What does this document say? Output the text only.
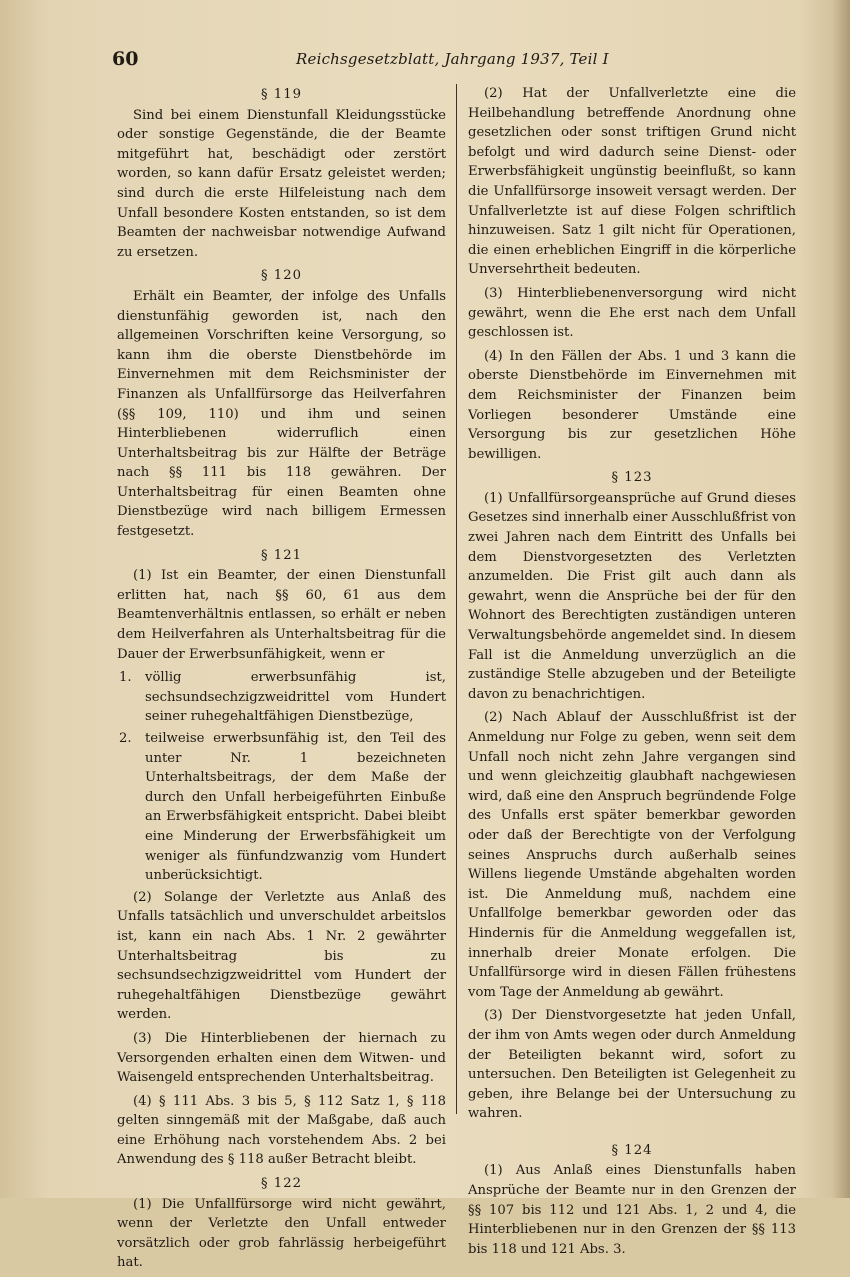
60	Reichsgesetzblatt, Jahrgang 1937, Teil I
§ 119

Sind bei einem Dienstunfall Kleidungsstücke oder sonstige Gegenstände, die der Beamte mitgeführt hat, beschädigt oder zerstört worden, so kann dafür Ersatz geleistet werden; sind durch die erste Hilfeleistung nach dem Unfall besondere Kosten entstanden, so ist dem Beamten der nachweisbar notwendige Aufwand zu ersetzen.

§ 120

Erhält ein Beamter, der infolge des Unfalls dienstunfähig geworden ist, nach den allgemeinen Vorschriften keine Versorgung, so kann ihm die oberste Dienstbehörde im Einvernehmen mit dem Reichsminister der Finanzen als Unfallfürsorge das Heilverfahren (§§ 109, 110) und ihm und seinen Hinterbliebenen widerruflich einen Unterhaltsbeitrag bis zur Hälfte der Beträge nach §§ 111 bis 118 gewähren. Der Unterhaltsbeitrag für einen Beamten ohne Dienstbezüge wird nach billigem Ermessen festgesetzt.

§ 121

(1) Ist ein Beamter, der einen Dienstunfall erlitten hat, nach §§ 60, 61 aus dem Beamtenverhältnis entlassen, so erhält er neben dem Heilverfahren als Unterhaltsbeitrag für die Dauer der Erwerbsunfähigkeit, wenn er

1.	völlig erwerbsunfähig ist, sechsundsechzigzweidrittel vom Hundert seiner ruhegehaltfähigen Dienstbezüge,
2.	teilweise erwerbsunfähig ist, den Teil des unter Nr. 1 bezeichneten Unterhaltsbeitrags, der dem Maße der durch den Unfall herbeigeführten Einbuße an Erwerbsfähigkeit entspricht. Dabei bleibt eine Minderung der Erwerbsfähigkeit um weniger als fünfundzwanzig vom Hundert unberücksichtigt.

(2) Solange der Verletzte aus Anlaß des Unfalls tatsächlich und unverschuldet arbeitslos ist, kann ein nach Abs. 1 Nr. 2 gewährter Unterhaltsbeitrag bis zu sechsundsechzigzweidrittel vom Hundert der ruhegehaltfähigen Dienstbezüge gewährt werden.

(3) Die Hinterbliebenen der hiernach zu Versorgenden erhalten einen dem Witwen- und Waisengeld entsprechenden Unterhaltsbeitrag.

(4) § 111 Abs. 3 bis 5, § 112 Satz 1, § 118 gelten sinngemäß mit der Maßgabe, daß auch eine Erhöhung nach vorstehendem Abs. 2 bei Anwendung des § 118 außer Betracht bleibt.

§ 122

(1) Die Unfallfürsorge wird nicht gewährt, wenn der Verletzte den Unfall entweder vorsätzlich oder grob fahrlässig herbeigeführt hat.

(2) Hat der Unfallverletzte eine die Heilbehandlung betreffende Anordnung ohne gesetzlichen oder sonst triftigen Grund nicht befolgt und wird dadurch seine Dienst- oder Erwerbsfähigkeit ungünstig beeinflußt, so kann die Unfallfürsorge insoweit versagt werden. Der Unfallverletzte ist auf diese Folgen schriftlich hinzuweisen. Satz 1 gilt nicht für Operationen, die einen erheblichen Eingriff in die körperliche Unversehrtheit bedeuten.

(3) Hinterbliebenenversorgung wird nicht gewährt, wenn die Ehe erst nach dem Unfall geschlossen ist.

(4) In den Fällen der Abs. 1 und 3 kann die oberste Dienstbehörde im Einvernehmen mit dem Reichsminister der Finanzen beim Vorliegen besonderer Umstände eine Versorgung bis zur gesetzlichen Höhe bewilligen.

§ 123

(1) Unfallfürsorgeansprüche auf Grund dieses Gesetzes sind innerhalb einer Ausschlußfrist von zwei Jahren nach dem Eintritt des Unfalls bei dem Dienstvorgesetzten des Verletzten anzumelden. Die Frist gilt auch dann als gewahrt, wenn die Ansprüche bei der für den Wohnort des Berechtigten zuständigen unteren Verwaltungsbehörde angemeldet sind. In diesem Fall ist die Anmeldung unverzüglich an die zuständige Stelle abzugeben und der Beteiligte davon zu benachrichtigen.

(2) Nach Ablauf der Ausschlußfrist ist der Anmeldung nur Folge zu geben, wenn seit dem Unfall noch nicht zehn Jahre vergangen sind und wenn gleichzeitig glaubhaft nachgewiesen wird, daß eine den Anspruch begründende Folge des Unfalls erst später bemerkbar geworden oder daß der Berechtigte von der Verfolgung seines Anspruchs durch außerhalb seines Willens liegende Umstände abgehalten worden ist. Die Anmeldung muß, nachdem eine Unfallfolge bemerkbar geworden oder das Hindernis für die Anmeldung weggefallen ist, innerhalb dreier Monate erfolgen. Die Unfallfürsorge wird in diesen Fällen frühestens vom Tage der Anmeldung ab gewährt.

(3) Der Dienstvorgesetzte hat jeden Unfall, der ihm von Amts wegen oder durch Anmeldung der Beteiligten bekannt wird, sofort zu untersuchen. Den Beteiligten ist Gelegenheit zu geben, ihre Belange bei der Untersuchung zu wahren.

§ 124

(1) Aus Anlaß eines Dienstunfalls haben Ansprüche der Beamte nur in den Grenzen der §§ 107 bis 112 und 121 Abs. 1, 2 und 4, die Hinterbliebenen nur in den Grenzen der §§ 113 bis 118 und 121 Abs. 3.
